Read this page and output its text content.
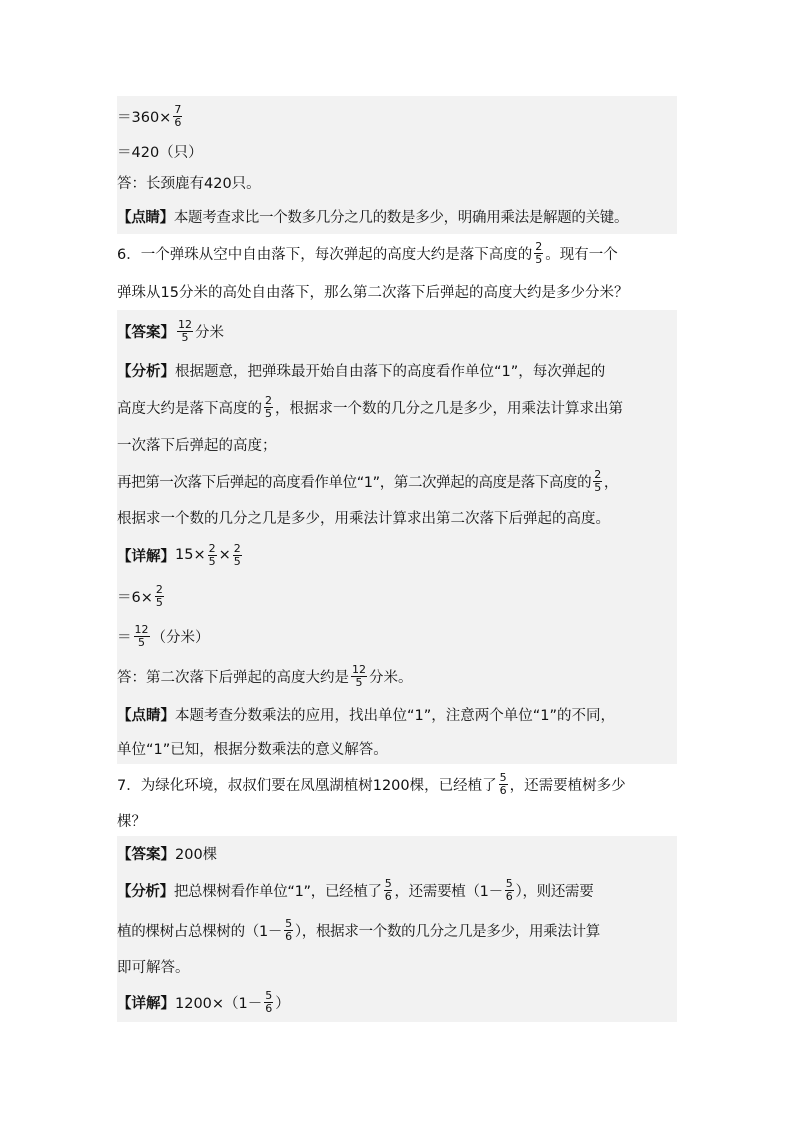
$=360\times \frac{7}{6}$
＝420（只）
答：长颈鹿有420只。
【点睛】 本题考查求比一个数多几分之几的数是多少，明确用乘法是解题的关键。
6．一个弹珠从空中自由落下，每次弹起的高度大约是落下高度的 $\frac{2}{5}$ 。现有一个
弹珠从15分米的高处自由落下，那么第二次落下后弹起的高度大约是多少分米？
【答案】 $\frac{12}{5}$ 分米
【分析】 根据题意，把弹珠最开始自由落下的高度看作单位“1”，每次弹起的
高度大约是落下高度的 $\frac{2}{5}$ ，根据求一个数的几分之几是多少，用乘法计算求出第
一次落下后弹起的高度；
再把第一次落下后弹起的高度看作单位“1”，第二次弹起的高度是落下高度的 $\frac{2}{5}$ ，
根据求一个数的几分之几是多少，用乘法计算求出第二次落下后弹起的高度。
【详解】 $15\times \frac{2}{5} \times \frac{2}{5}$
$=6\times \frac{2}{5}$
＝ $\frac{12}{5}$ （分米）
答：第二次落下后弹起的高度大约是 $\frac{12}{5}$ 分米。
【点睛】 本题考查分数乘法的应用，找出单位“1”，注意两个单位“1”的不同，
单位“1”已知，根据分数乘法的意义解答。
7．为绿化环境，叔叔们要在凤凰湖植树1200棵，已经植了 $\frac{5}{6}$ ，还需要植树多少
棵？
【答案】 200棵
【分析】 把总棵树看作单位“1”，已经植了 $\frac{5}{6}$ ，还需要植（$1- \frac{5}{6}$ ），则还需要
植的棵树占总棵树的（$1- \frac{5}{6}$ ），根据求一个数的几分之几是多少，用乘法计算
即可解答。
【详解】 $1200\times(1- \frac{5}{6}$ ）
